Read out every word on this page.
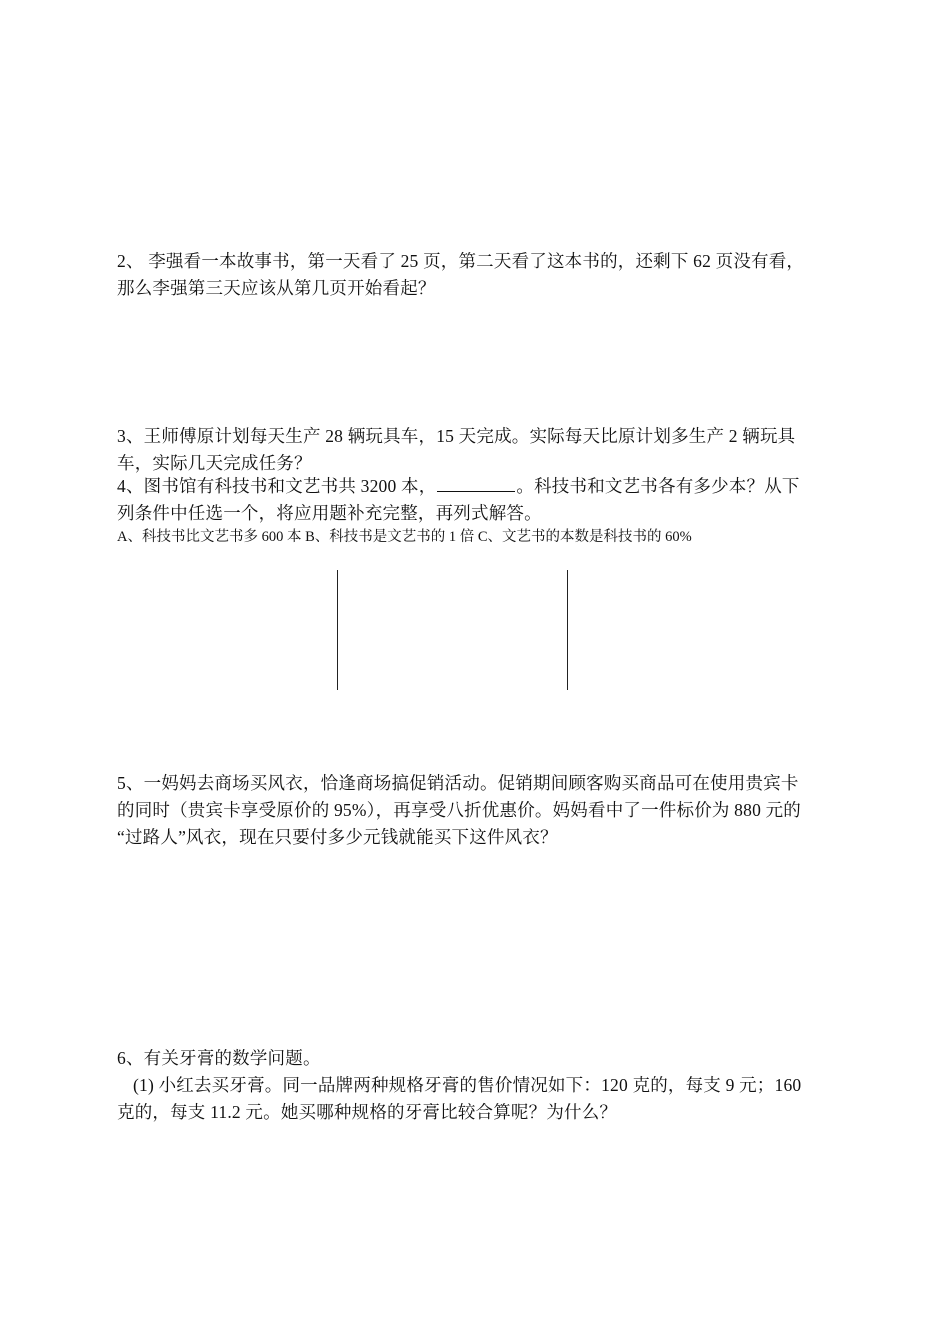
2、 李强看一本故事书，第一天看了 25 页，第二天看了这本书的，还剩下 62 页没有看，
那么李强第三天应该从第几页开始看起？
3、王师傅原计划每天生产 28 辆玩具车，15 天完成。实际每天比原计划多生产 2 辆玩具
车，实际几天完成任务？
4、图书馆有科技书和文艺书共 3200 本，	。科技书和文艺书各有多少本？从下
列条件中任选一个，将应用题补充完整，再列式解答。
A、科技书比文艺书多 600 本 B、科技书是文艺书的 1 倍 C、文艺书的本数是科技书的 60%
5、一妈妈去商场买风衣，恰逢商场搞促销活动。促销期间顾客购买商品可在使用贵宾卡
的同时（贵宾卡享受原价的 95%），再享受八折优惠价。妈妈看中了一件标价为 880 元的
“过路人”风衣，现在只要付多少元钱就能买下这件风衣？
6、有关牙膏的数学问题。
(1) 小红去买牙膏。同一品牌两种规格牙膏的售价情况如下：120 克的，每支 9 元；160
克的，每支 11.2 元。她买哪种规格的牙膏比较合算呢？为什么？
